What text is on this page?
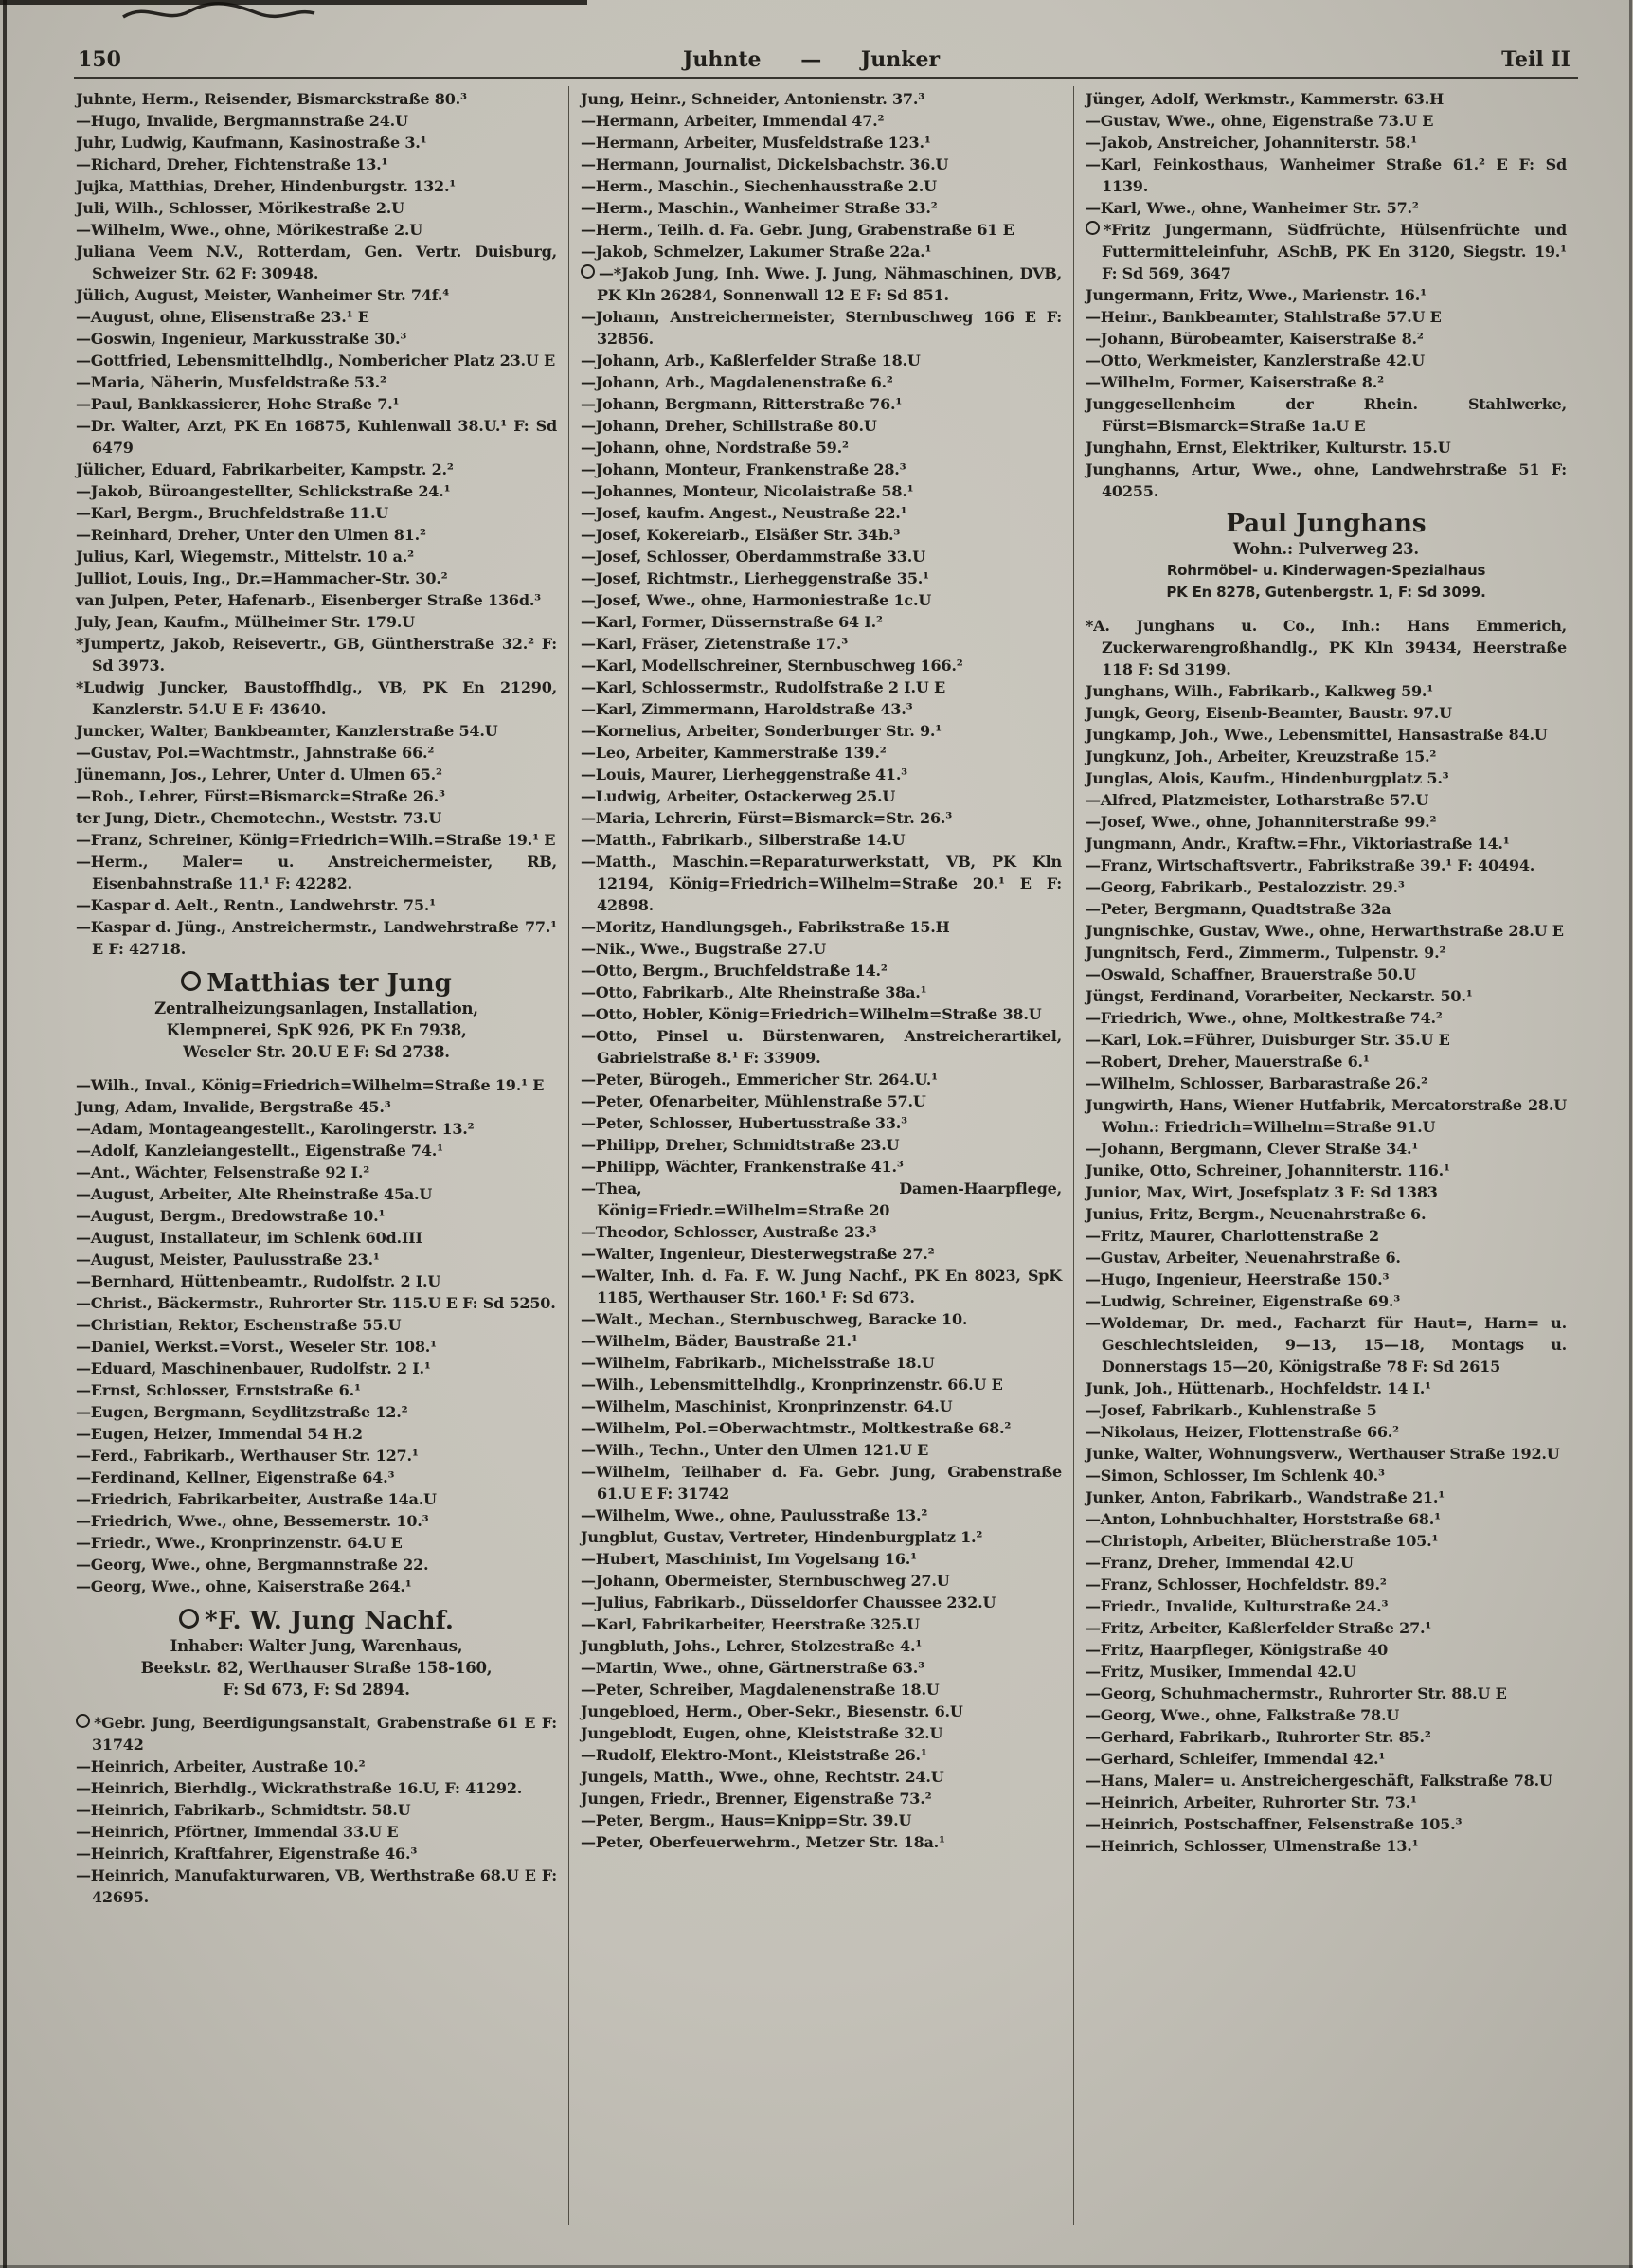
150	Juhnte — Junker	Teil II
Juhnte, Herm., Reisender, Bismarckstraße 80.³
—Hugo, Invalide, Bergmannstraße 24.U
Juhr, Ludwig, Kaufmann, Kasinostraße 3.¹
—Richard, Dreher, Fichtenstraße 13.¹
Jujka, Matthias, Dreher, Hindenburgstr. 132.¹
Juli, Wilh., Schlosser, Mörikestraße 2.U
—Wilhelm, Wwe., ohne, Mörikestraße 2.U
Juliana Veem N.V., Rotterdam, Gen. Vertr. Duisburg, Schweizer Str. 62 F: 30948.
Jülich, August, Meister, Wanheimer Str. 74f.⁴
—August, ohne, Elisenstraße 23.¹ E
—Goswin, Ingenieur, Markusstraße 30.³
—Gottfried, Lebensmittelhdlg., Nombericher Platz 23.U E
—Maria, Näherin, Musfeldstraße 53.²
—Paul, Bankkassierer, Hohe Straße 7.¹
—Dr. Walter, Arzt, PK En 16875, Kuhlenwall 38.U.¹ F: Sd 6479
Jülicher, Eduard, Fabrikarbeiter, Kampstr. 2.²
—Jakob, Büroangestellter, Schlickstraße 24.¹
—Karl, Bergm., Bruchfeldstraße 11.U
—Reinhard, Dreher, Unter den Ulmen 81.²
Julius, Karl, Wiegemstr., Mittelstr. 10 a.²
Julliot, Louis, Ing., Dr.=Hammacher-Str. 30.²
van Julpen, Peter, Hafenarb., Eisenberger Straße 136d.³
July, Jean, Kaufm., Mülheimer Str. 179.U
*Jumpertz, Jakob, Reisevertr., GB, Güntherstraße 32.² F: Sd 3973.
*Ludwig Juncker, Baustoffhdlg., VB, PK En 21290, Kanzlerstr. 54.U E F: 43640.
Juncker, Walter, Bankbeamter, Kanzlerstraße 54.U
—Gustav, Pol.=Wachtmstr., Jahnstraße 66.²
Jünemann, Jos., Lehrer, Unter d. Ulmen 65.²
—Rob., Lehrer, Fürst=Bismarck=Straße 26.³
ter Jung, Dietr., Chemotechn., Weststr. 73.U
—Franz, Schreiner, König=Friedrich=Wilh.=Straße 19.¹ E
—Herm., Maler= u. Anstreichermeister, RB, Eisenbahnstraße 11.¹ F: 42282.
—Kaspar d. Aelt., Rentn., Landwehrstr. 75.¹
—Kaspar d. Jüng., Anstreichermstr., Landwehrstraße 77.¹ E F: 42718.
Matthias ter Jung
Zentralheizungsanlagen, Installation,
Klempnerei, SpK 926, PK En 7938,
Weseler Str. 20.U E F: Sd 2738.
—Wilh., Inval., König=Friedrich=Wilhelm=Straße 19.¹ E
Jung, Adam, Invalide, Bergstraße 45.³
—Adam, Montageangestellt., Karolingerstr. 13.²
—Adolf, Kanzleiangestellt., Eigenstraße 74.¹
—Ant., Wächter, Felsenstraße 92 I.²
—August, Arbeiter, Alte Rheinstraße 45a.U
—August, Bergm., Bredowstraße 10.¹
—August, Installateur, im Schlenk 60d.III
—August, Meister, Paulusstraße 23.¹
—Bernhard, Hüttenbeamtr., Rudolfstr. 2 I.U
—Christ., Bäckermstr., Ruhrorter Str. 115.U E F: Sd 5250.
—Christian, Rektor, Eschenstraße 55.U
—Daniel, Werkst.=Vorst., Weseler Str. 108.¹
—Eduard, Maschinenbauer, Rudolfstr. 2 I.¹
—Ernst, Schlosser, Ernststraße 6.¹
—Eugen, Bergmann, Seydlitzstraße 12.²
—Eugen, Heizer, Immendal 54 H.2
—Ferd., Fabrikarb., Werthauser Str. 127.¹
—Ferdinand, Kellner, Eigenstraße 64.³
—Friedrich, Fabrikarbeiter, Austraße 14a.U
—Friedrich, Wwe., ohne, Bessemerstr. 10.³
—Friedr., Wwe., Kronprinzenstr. 64.U E
—Georg, Wwe., ohne, Bergmannstraße 22.
—Georg, Wwe., ohne, Kaiserstraße 264.¹
*F. W. Jung Nachf.
Inhaber: Walter Jung, Warenhaus,
Beekstr. 82, Werthauser Straße 158-160,
F: Sd 673, F: Sd 2894.
*Gebr. Jung, Beerdigungsanstalt, Grabenstraße 61 E F: 31742
—Heinrich, Arbeiter, Austraße 10.²
—Heinrich, Bierhdlg., Wickrathstraße 16.U, F: 41292.
—Heinrich, Fabrikarb., Schmidtstr. 58.U
—Heinrich, Pförtner, Immendal 33.U E
—Heinrich, Kraftfahrer, Eigenstraße 46.³
—Heinrich, Manufakturwaren, VB, Werthstraße 68.U E F: 42695.
Jung, Heinr., Schneider, Antonienstr. 37.³
—Hermann, Arbeiter, Immendal 47.²
—Hermann, Arbeiter, Musfeldstraße 123.¹
—Hermann, Journalist, Dickelsbachstr. 36.U
—Herm., Maschin., Siechenhausstraße 2.U
—Herm., Maschin., Wanheimer Straße 33.²
—Herm., Teilh. d. Fa. Gebr. Jung, Grabenstraße 61 E
—Jakob, Schmelzer, Lakumer Straße 22a.¹
—*Jakob Jung, Inh. Wwe. J. Jung, Nähmaschinen, DVB, PK Kln 26284, Sonnenwall 12 E F: Sd 851.
—Johann, Anstreichermeister, Sternbuschweg 166 E F: 32856.
—Johann, Arb., Kaßlerfelder Straße 18.U
—Johann, Arb., Magdalenenstraße 6.²
—Johann, Bergmann, Ritterstraße 76.¹
—Johann, Dreher, Schillstraße 80.U
—Johann, ohne, Nordstraße 59.²
—Johann, Monteur, Frankenstraße 28.³
—Johannes, Monteur, Nicolaistraße 58.¹
—Josef, kaufm. Angest., Neustraße 22.¹
—Josef, Kokereiarb., Elsäßer Str. 34b.³
—Josef, Schlosser, Oberdammstraße 33.U
—Josef, Richtmstr., Lierheggenstraße 35.¹
—Josef, Wwe., ohne, Harmoniestraße 1c.U
—Karl, Former, Düssernstraße 64 I.²
—Karl, Fräser, Zietenstraße 17.³
—Karl, Modellschreiner, Sternbuschweg 166.²
—Karl, Schlossermstr., Rudolfstraße 2 I.U E
—Karl, Zimmermann, Haroldstraße 43.³
—Kornelius, Arbeiter, Sonderburger Str. 9.¹
—Leo, Arbeiter, Kammerstraße 139.²
—Louis, Maurer, Lierheggenstraße 41.³
—Ludwig, Arbeiter, Ostackerweg 25.U
—Maria, Lehrerin, Fürst=Bismarck=Str. 26.³
—Matth., Fabrikarb., Silberstraße 14.U
—Matth., Maschin.=Reparaturwerkstatt, VB, PK Kln 12194, König=Friedrich=Wilhelm=Straße 20.¹ E F: 42898.
—Moritz, Handlungsgeh., Fabrikstraße 15.H
—Nik., Wwe., Bugstraße 27.U
—Otto, Bergm., Bruchfeldstraße 14.²
—Otto, Fabrikarb., Alte Rheinstraße 38a.¹
—Otto, Hobler, König=Friedrich=Wilhelm=Straße 38.U
—Otto, Pinsel u. Bürstenwaren, Anstreicherartikel, Gabrielstraße 8.¹ F: 33909.
—Peter, Bürogeh., Emmericher Str. 264.U.¹
—Peter, Ofenarbeiter, Mühlenstraße 57.U
—Peter, Schlosser, Hubertusstraße 33.³
—Philipp, Dreher, Schmidtstraße 23.U
—Philipp, Wächter, Frankenstraße 41.³
—Thea, Damen-Haarpflege, König=Friedr.=Wilhelm=Straße 20
—Theodor, Schlosser, Austraße 23.³
—Walter, Ingenieur, Diesterwegstraße 27.²
—Walter, Inh. d. Fa. F. W. Jung Nachf., PK En 8023, SpK 1185, Werthauser Str. 160.¹ F: Sd 673.
—Walt., Mechan., Sternbuschweg, Baracke 10.
—Wilhelm, Bäder, Baustraße 21.¹
—Wilhelm, Fabrikarb., Michelsstraße 18.U
—Wilh., Lebensmittelhdlg., Kronprinzenstr. 66.U E
—Wilhelm, Maschinist, Kronprinzenstr. 64.U
—Wilhelm, Pol.=Oberwachtmstr., Moltkestraße 68.²
—Wilh., Techn., Unter den Ulmen 121.U E
—Wilhelm, Teilhaber d. Fa. Gebr. Jung, Grabenstraße 61.U E F: 31742
—Wilhelm, Wwe., ohne, Paulusstraße 13.²
Jungblut, Gustav, Vertreter, Hindenburgplatz 1.²
—Hubert, Maschinist, Im Vogelsang 16.¹
—Johann, Obermeister, Sternbuschweg 27.U
—Julius, Fabrikarb., Düsseldorfer Chaussee 232.U
—Karl, Fabrikarbeiter, Heerstraße 325.U
Jungbluth, Johs., Lehrer, Stolzestraße 4.¹
—Martin, Wwe., ohne, Gärtnerstraße 63.³
—Peter, Schreiber, Magdalenenstraße 18.U
Jungebloed, Herm., Ober-Sekr., Biesenstr. 6.U
Jungeblodt, Eugen, ohne, Kleiststraße 32.U
—Rudolf, Elektro-Mont., Kleiststraße 26.¹
Jungels, Matth., Wwe., ohne, Rechtstr. 24.U
Jungen, Friedr., Brenner, Eigenstraße 73.²
—Peter, Bergm., Haus=Knipp=Str. 39.U
—Peter, Oberfeuerwehrm., Metzer Str. 18a.¹
Jünger, Adolf, Werkmstr., Kammerstr. 63.H
—Gustav, Wwe., ohne, Eigenstraße 73.U E
—Jakob, Anstreicher, Johanniterstr. 58.¹
—Karl, Feinkosthaus, Wanheimer Straße 61.² E F: Sd 1139.
—Karl, Wwe., ohne, Wanheimer Str. 57.²
*Fritz Jungermann, Südfrüchte, Hülsenfrüchte und Futtermitteleinfuhr, ASchB, PK En 3120, Siegstr. 19.¹ F: Sd 569, 3647
Jungermann, Fritz, Wwe., Marienstr. 16.¹
—Heinr., Bankbeamter, Stahlstraße 57.U E
—Johann, Bürobeamter, Kaiserstraße 8.²
—Otto, Werkmeister, Kanzlerstraße 42.U
—Wilhelm, Former, Kaiserstraße 8.²
Junggesellenheim der Rhein. Stahlwerke, Fürst=Bismarck=Straße 1a.U E
Junghahn, Ernst, Elektriker, Kulturstr. 15.U
Junghanns, Artur, Wwe., ohne, Landwehrstraße 51 F: 40255.
Paul Junghans
Wohn.: Pulverweg 23.
Rohrmöbel- u. Kinderwagen-Spezialhaus
PK En 8278, Gutenbergstr. 1, F: Sd 3099.
*A. Junghans u. Co., Inh.: Hans Emmerich, Zuckerwarengroßhandlg., PK Kln 39434, Heerstraße 118 F: Sd 3199.
Junghans, Wilh., Fabrikarb., Kalkweg 59.¹
Jungk, Georg, Eisenb-Beamter, Baustr. 97.U
Jungkamp, Joh., Wwe., Lebensmittel, Hansastraße 84.U
Jungkunz, Joh., Arbeiter, Kreuzstraße 15.²
Junglas, Alois, Kaufm., Hindenburgplatz 5.³
—Alfred, Platzmeister, Lotharstraße 57.U
—Josef, Wwe., ohne, Johanniterstraße 99.²
Jungmann, Andr., Kraftw.=Fhr., Viktoriastraße 14.¹
—Franz, Wirtschaftsvertr., Fabrikstraße 39.¹ F: 40494.
—Georg, Fabrikarb., Pestalozzistr. 29.³
—Peter, Bergmann, Quadtstraße 32a
Jungnischke, Gustav, Wwe., ohne, Herwarthstraße 28.U E
Jungnitsch, Ferd., Zimmerm., Tulpenstr. 9.²
—Oswald, Schaffner, Brauerstraße 50.U
Jüngst, Ferdinand, Vorarbeiter, Neckarstr. 50.¹
—Friedrich, Wwe., ohne, Moltkestraße 74.²
—Karl, Lok.=Führer, Duisburger Str. 35.U E
—Robert, Dreher, Mauerstraße 6.¹
—Wilhelm, Schlosser, Barbarastraße 26.²
Jungwirth, Hans, Wiener Hutfabrik, Mercatorstraße 28.U Wohn.: Friedrich=Wilhelm=Straße 91.U
—Johann, Bergmann, Clever Straße 34.¹
Junike, Otto, Schreiner, Johanniterstr. 116.¹
Junior, Max, Wirt, Josefsplatz 3 F: Sd 1383
Junius, Fritz, Bergm., Neuenahrstraße 6.
—Fritz, Maurer, Charlottenstraße 2
—Gustav, Arbeiter, Neuenahrstraße 6.
—Hugo, Ingenieur, Heerstraße 150.³
—Ludwig, Schreiner, Eigenstraße 69.³
—Woldemar, Dr. med., Facharzt für Haut=, Harn= u. Geschlechtsleiden, 9—13, 15—18, Montags u. Donnerstags 15—20, Königstraße 78 F: Sd 2615
Junk, Joh., Hüttenarb., Hochfeldstr. 14 I.¹
—Josef, Fabrikarb., Kuhlenstraße 5
—Nikolaus, Heizer, Flottenstraße 66.²
Junke, Walter, Wohnungsverw., Werthauser Straße 192.U
—Simon, Schlosser, Im Schlenk 40.³
Junker, Anton, Fabrikarb., Wandstraße 21.¹
—Anton, Lohnbuchhalter, Horststraße 68.¹
—Christoph, Arbeiter, Blücherstraße 105.¹
—Franz, Dreher, Immendal 42.U
—Franz, Schlosser, Hochfeldstr. 89.²
—Friedr., Invalide, Kulturstraße 24.³
—Fritz, Arbeiter, Kaßlerfelder Straße 27.¹
—Fritz, Haarpfleger, Königstraße 40
—Fritz, Musiker, Immendal 42.U
—Georg, Schuhmachermstr., Ruhrorter Str. 88.U E
—Georg, Wwe., ohne, Falkstraße 78.U
—Gerhard, Fabrikarb., Ruhrorter Str. 85.²
—Gerhard, Schleifer, Immendal 42.¹
—Hans, Maler= u. Anstreichergeschäft, Falkstraße 78.U
—Heinrich, Arbeiter, Ruhrorter Str. 73.¹
—Heinrich, Postschaffner, Felsenstraße 105.³
—Heinrich, Schlosser, Ulmenstraße 13.¹
